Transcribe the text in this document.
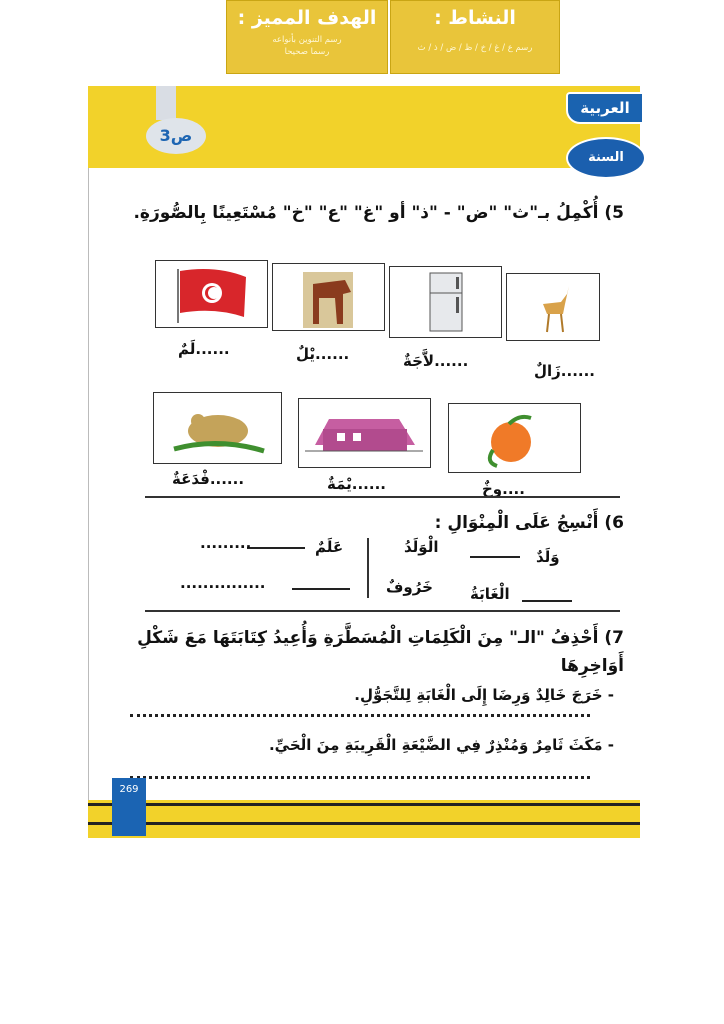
3ص
الهدف المميز :
رسم التنوين بأنواعه
رسما صحيحا
النشاط :
رسم ع / غ / خ / ظ / ض / ذ / ث
العربية
السنة الثانية
5) أُكْمِلُ بـ"ث" "ض" - "ذ" أو "غ" "ع" "خ" مُسْتَعِينًا بِالصُّورَةِ.
......زَالٌ
......لاَّجَةٌ
......يْلٌ
......لَمٌ
....وخٌ
......يْمَةٌ
......فْدَعَةٌ
6) أَنْسِجُ عَلَى الْمِنْوَالِ :
وَلَدٌ
الْوَلَدُ
خَرُوفٌ الْغَابَةُ
عَلَمٌ
.........
...............
7) أَحْذِفُ "الـ" مِنَ الْكَلِمَاتِ الْمُسَطَّرَةِ وَأُعِيدُ كِتَابَتَهَا مَعَ شَكْلِ
أَوَاخِرِهَا
- خَرَجَ خَالِدٌ وَرِضَا إِلَى الْغَابَةِ لِلتَّجَوُّلِ.
- مَكَثَ ثَامِرٌ وَمُنْذِرٌ فِي الضَّيْعَةِ الْقَرِيبَةِ مِنَ الْحَيِّ.
269
